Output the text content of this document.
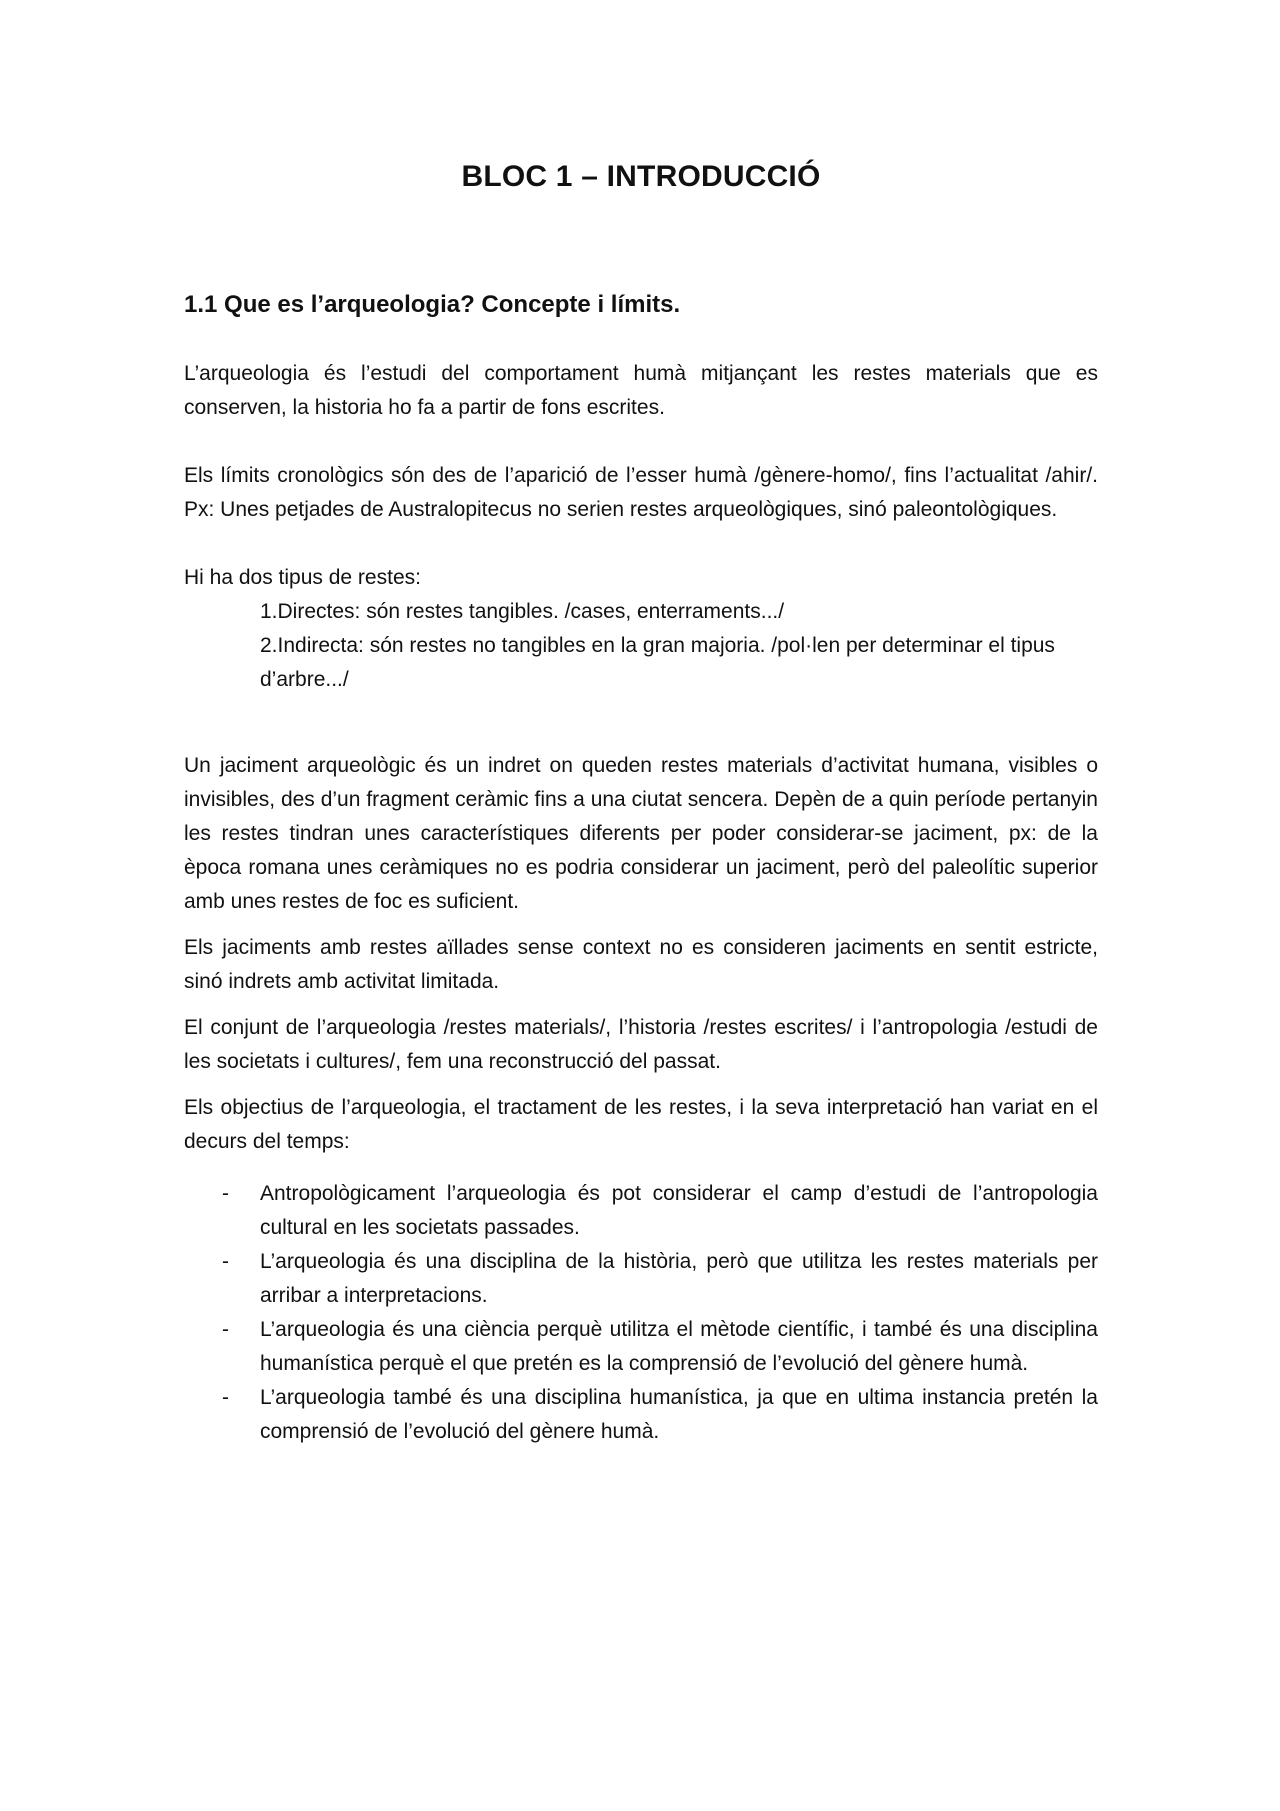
BLOC 1 – INTRODUCCIÓ
1.1 Que es l’arqueologia? Concepte i límits.

L’arqueologia és l’estudi del comportament humà mitjançant les restes materials que es conserven, la historia ho fa a partir de fons escrites.

Els límits cronològics són des de l’aparició de l’esser humà /gènere-homo/, fins l’actualitat /ahir/. Px: Unes petjades de Australopitecus no serien restes arqueològiques, sinó paleontològiques.

Hi ha dos tipus de restes:

1.Directes: són restes tangibles. /cases, enterraments.../
2.Indirecta: són restes no tangibles en la gran majoria. /pol·len per determinar el tipus d’arbre.../

Un jaciment arqueològic és un indret on queden restes materials d’activitat humana, visibles o invisibles, des d’un fragment ceràmic fins a una ciutat sencera. Depèn de a quin període pertanyin les restes tindran unes característiques diferents per poder considerar-se jaciment, px: de la època romana unes ceràmiques no es podria considerar un jaciment, però del paleolític superior amb unes restes de foc es suficient.

Els jaciments amb restes aïllades sense context no es consideren jaciments en sentit estricte, sinó indrets amb activitat limitada.

El conjunt de l’arqueologia /restes materials/, l’historia /restes escrites/ i l’antropologia /estudi de les societats i cultures/, fem una reconstrucció del passat.

Els objectius de l’arqueologia, el tractament de les restes, i la seva interpretació han variat en el decurs del temps:

- Antropològicament l’arqueologia és pot considerar el camp d’estudi de l’antropologia cultural en les societats passades.
- L’arqueologia és una disciplina de la història, però que utilitza les restes materials per arribar a interpretacions.
- L’arqueologia és una ciència perquè utilitza el mètode científic, i també és una disciplina humanística perquè el que pretén es la comprensió de l’evolució del gènere humà.
- L’arqueologia també és una disciplina humanística, ja que en ultima instancia pretén la comprensió de l’evolució del gènere humà.
